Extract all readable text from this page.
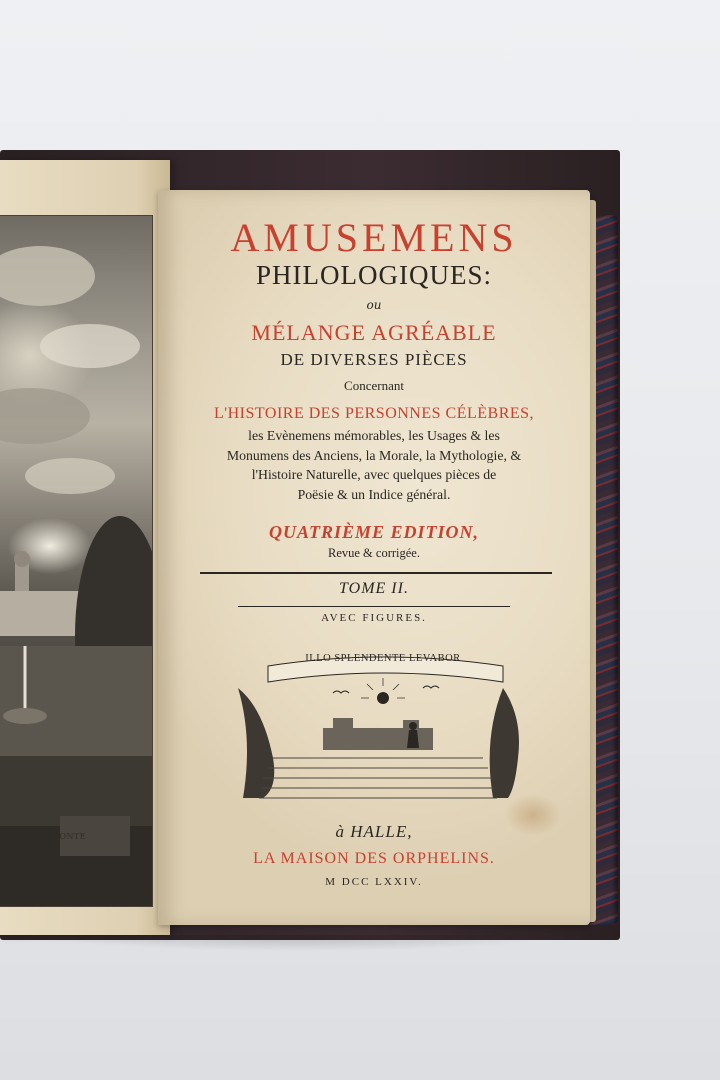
POUR LA BONTE
POUR LA SANTE
AMUSEMENS
PHILOLOGIQUES:
ou
MÉLANGE AGRÉABLE
DE DIVERSES PIÈCES
Concernant
L'HISTOIRE DES PERSONNES CÉLÈBRES,
les Evènemens mémorables, les Usages & les
Monumens des Anciens, la Morale, la Mythologie, &
l'Histoire Naturelle, avec quelques pièces de
Poësie & un Indice général.
QUATRIÈME EDITION,
Revue & corrigée.
TOME II.
AVEC FIGURES.
ILLO SPLENDENTE LEVABOR
à HALLE,
LA MAISON DES ORPHELINS.
M DCC LXXIV.
